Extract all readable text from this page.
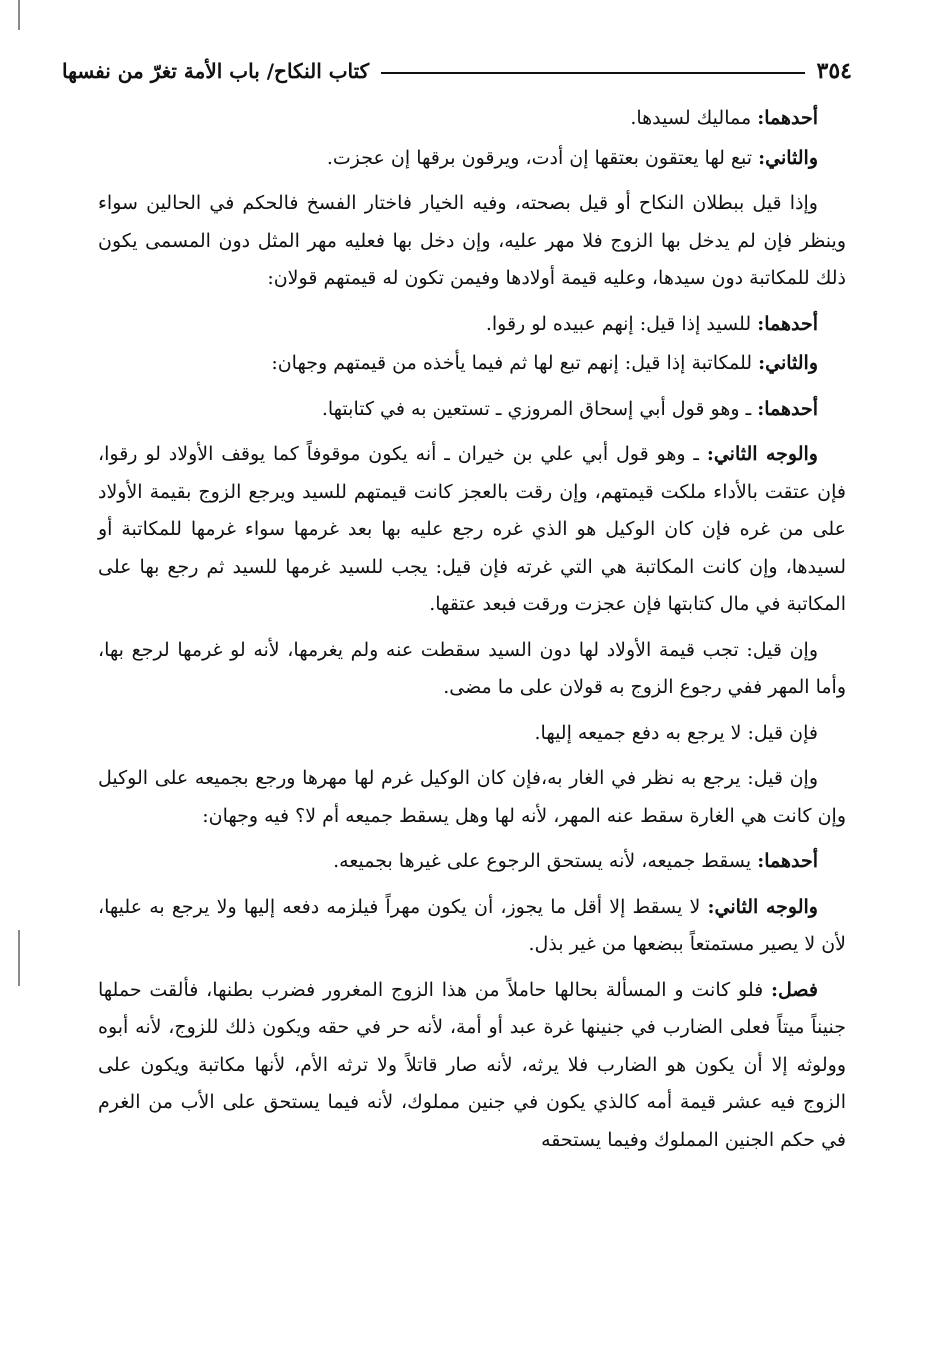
٣٥٤
كتاب النكاح/ باب الأمة تغرّ من نفسها

أحدهما: مماليك لسيدها.

والثاني: تبع لها يعتقون بعتقها إن أدت، ويرقون برقها إن عجزت.

وإذا قيل ببطلان النكاح أو قيل بصحته، وفيه الخيار فاختار الفسخ فالحكم في الحالين سواء وينظر فإن لم يدخل بها الزوج فلا مهر عليه، وإن دخل بها فعليه مهر المثل دون المسمى يكون ذلك للمكاتبة دون سيدها، وعليه قيمة أولادها وفيمن تكون له قيمتهم قولان:

أحدهما: للسيد إذا قيل: إنهم عبيده لو رقوا.

والثاني: للمكاتبة إذا قيل: إنهم تبع لها ثم فيما يأخذه من قيمتهم وجهان:

أحدهما: ـ وهو قول أبي إسحاق المروزي ـ تستعين به في كتابتها.

والوجه الثاني: ـ وهو قول أبي علي بن خيران ـ أنه يكون موقوفاً كما يوقف الأولاد لو رقوا، فإن عتقت بالأداء ملكت قيمتهم، وإن رقت بالعجز كانت قيمتهم للسيد ويرجع الزوج بقيمة الأولاد على من غره فإن كان الوكيل هو الذي غره رجع عليه بها بعد غرمها سواء غرمها للمكاتبة أو لسيدها، وإن كانت المكاتبة هي التي غرته فإن قيل: يجب للسيد غرمها للسيد ثم رجع بها على المكاتبة في مال كتابتها فإن عجزت ورقت فبعد عتقها.

وإن قيل: تجب قيمة الأولاد لها دون السيد سقطت عنه ولم يغرمها، لأنه لو غرمها لرجع بها، وأما المهر ففي رجوع الزوج به قولان على ما مضى.

فإن قيل: لا يرجع به دفع جميعه إليها.

وإن قيل: يرجع به نظر في الغار به،فإن كان الوكيل غرم لها مهرها ورجع بجميعه على الوكيل وإن كانت هي الغارة سقط عنه المهر، لأنه لها وهل يسقط جميعه أم لا؟ فيه وجهان:

أحدهما: يسقط جميعه، لأنه يستحق الرجوع على غيرها بجميعه.

والوجه الثاني: لا يسقط إلا أقل ما يجوز، أن يكون مهراً فيلزمه دفعه إليها ولا يرجع به عليها، لأن لا يصير مستمتعاً ببضعها من غير بذل.

فصل: فلو كانت و المسألة بحالها حاملاً من هذا الزوج المغرور فضرب بطنها، فألقت حملها جنيناً ميتاً فعلى الضارب في جنينها غرة عبد أو أمة، لأنه حر في حقه ويكون ذلك للزوج، لأنه أبوه وولوثه إلا أن يكون هو الضارب فلا يرثه، لأنه صار قاتلاً ولا ترثه الأم، لأنها مكاتبة ويكون على الزوج فيه عشر قيمة أمه كالذي يكون في جنين مملوك، لأنه فيما يستحق على الأب من الغرم في حكم الجنين المملوك وفيما يستحقه
